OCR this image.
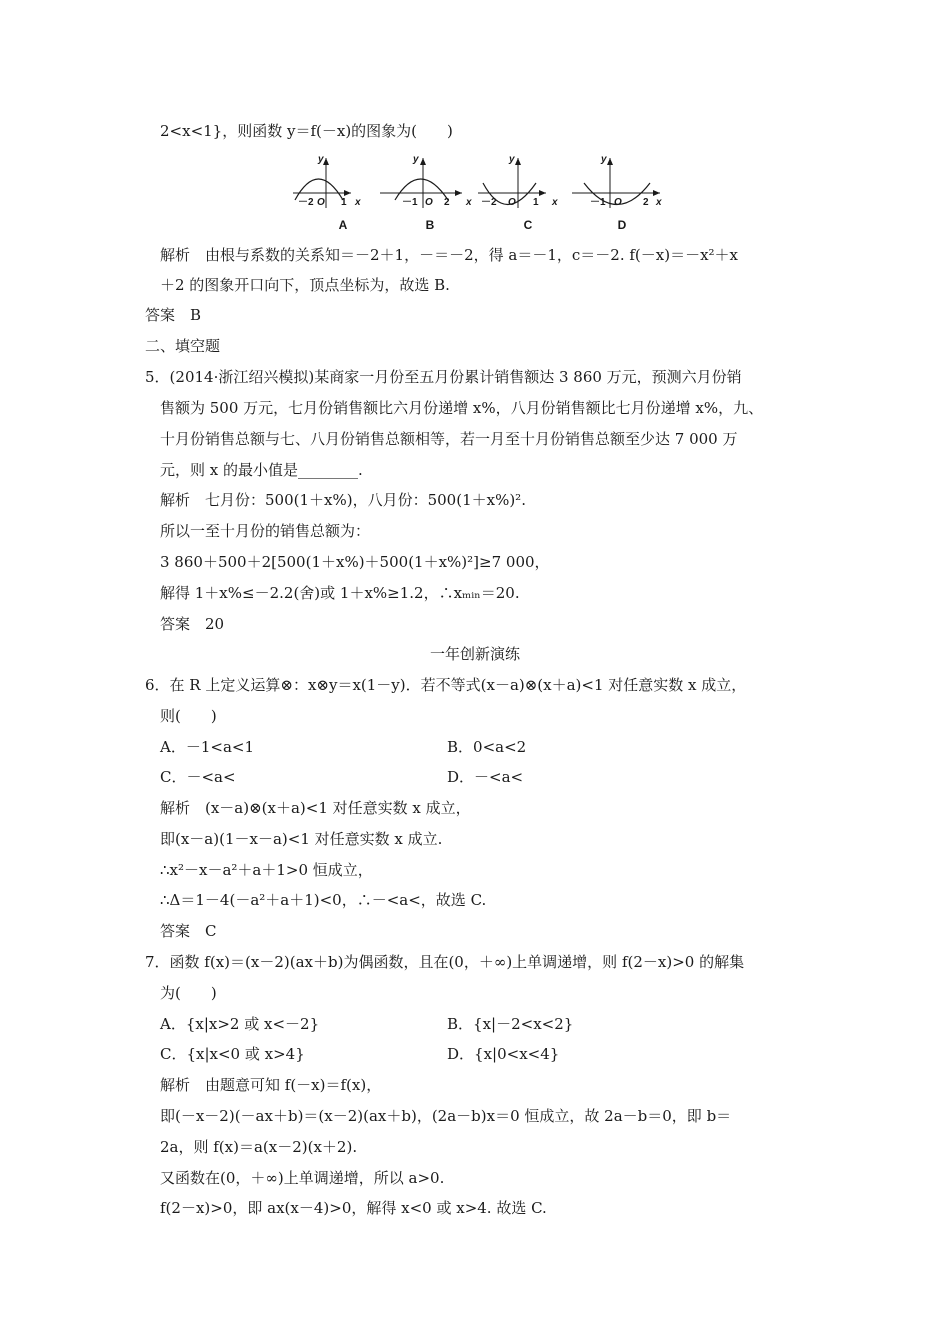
2<x<1}，则函数 y＝f(－x)的图象为(　　)
解析　由根与系数的关系知＝－2＋1，－＝－2，得 a＝－1，c＝－2. f(－x)＝－x²＋x
＋2 的图象开口向下，顶点坐标为，故选 B.
答案　B
二、填空题
5．(2014·浙江绍兴模拟)某商家一月份至五月份累计销售额达 3 860 万元，预测六月份销
售额为 500 万元，七月份销售额比六月份递增 x%，八月份销售额比七月份递增 x%，九、
十月份销售总额与七、八月份销售总额相等，若一月至十月份销售总额至少达 7 000 万
元，则 x 的最小值是________.
解析　七月份：500(1＋x%)，八月份：500(1＋x%)².
所以一至十月份的销售总额为：
3 860＋500＋2[500(1＋x%)＋500(1＋x%)²]≥7 000，
解得 1＋x%≤－2.2(舍)或 1＋x%≥1.2，∴xₘᵢₙ＝20.
答案　20
一年创新演练
6．在 R 上定义运算⊗：x⊗y＝x(1－y)．若不等式(x－a)⊗(x＋a)<1 对任意实数 x 成立，
则(　　)
A．－1<a<1	B．0<a<2
C．－<a<	D．－<a<
解析　(x－a)⊗(x＋a)<1 对任意实数 x 成立，
即(x－a)(1－x－a)<1 对任意实数 x 成立.
∴x²－x－a²＋a＋1>0 恒成立，
∴Δ＝1－4(－a²＋a＋1)<0，∴－<a<，故选 C.
答案　C
7．函数 f(x)＝(x－2)(ax＋b)为偶函数，且在(0，＋∞)上单调递增，则 f(2－x)>0 的解集
为(　　)
A．{x|x>2 或 x<－2}	B．{x|－2<x<2}
C．{x|x<0 或 x>4}	D．{x|0<x<4}
解析　由题意可知 f(－x)＝f(x)，
即(－x－2)(－ax＋b)＝(x－2)(ax＋b)，(2a－b)x＝0 恒成立，故 2a－b＝0，即 b＝
2a，则 f(x)＝a(x－2)(x＋2).
又函数在(0，＋∞)上单调递增，所以 a>0.
f(2－x)>0，即 ax(x－4)>0，解得 x<0 或 x>4. 故选 C.
y
x
－2 O 1
A
y
x
－1 O 2
B
y
x
－2 O 1
C
y
x
－1 O 2
D
